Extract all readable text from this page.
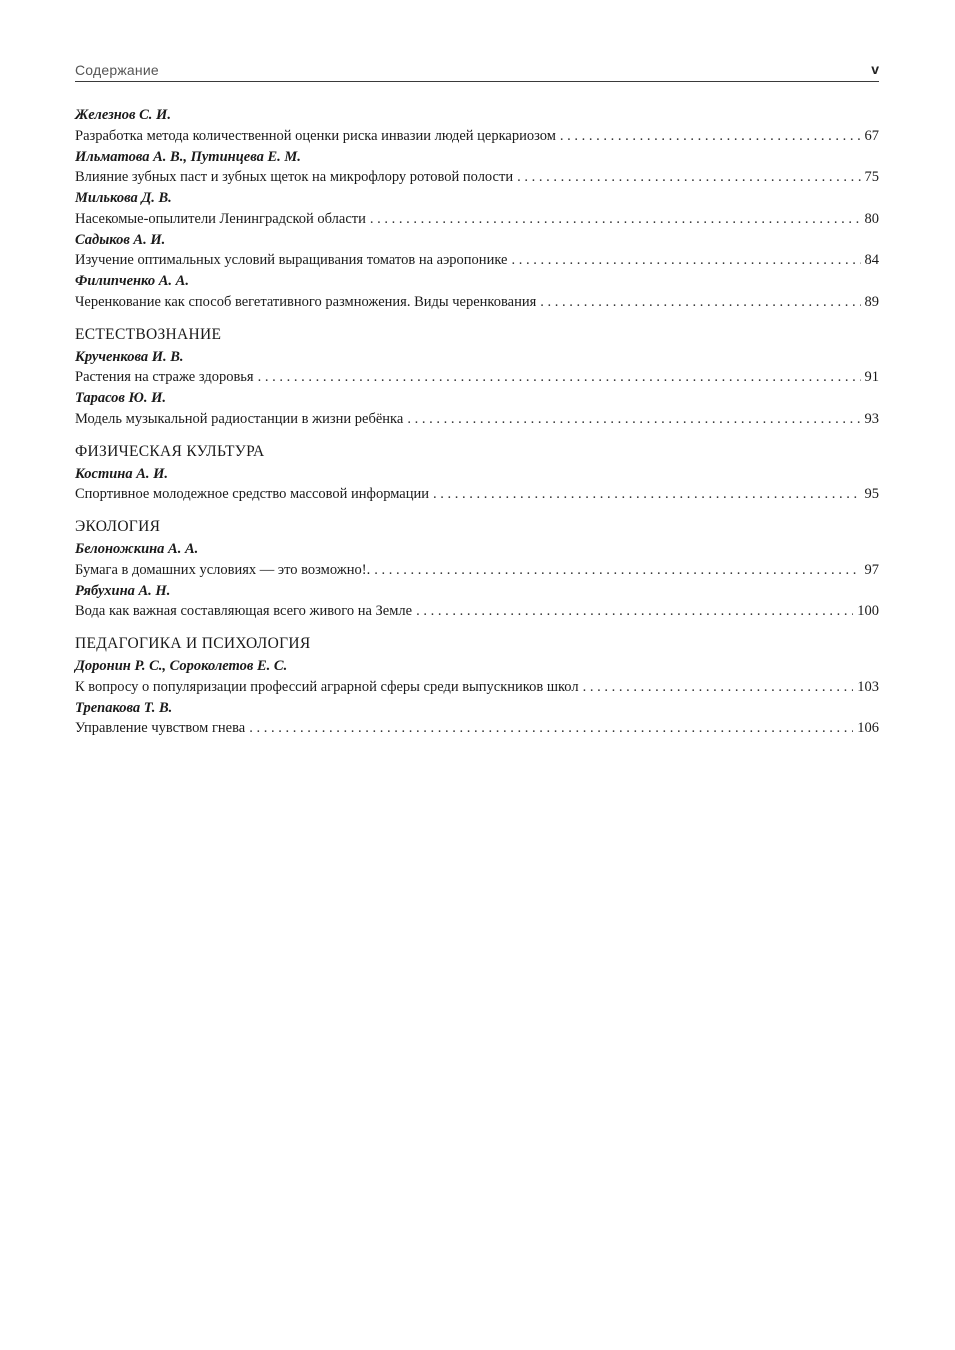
Содержание	v
Железнов С. И.
Разработка метода количественной оценки риска инвазии людей церкариозом . . .	67
Ильматова А. В., Путинцева Е. М.
Влияние зубных паст и зубных щеток на микрофлору ротовой полости . . .	75
Милькова Д. В.
Насекомые-опылители Ленинградской области . . .	80
Садыков А. И.
Изучение оптимальных условий выращивания томатов на аэропонике . . .	84
Филипченко А. А.
Черенкование как способ вегетативного размножения. Виды черенкования . . .	89
ЕСТЕСТВОЗНАНИЕ
Крученкова И. В.
Растения на страже здоровья . . .	91
Тарасов Ю. И.
Модель музыкальной радиостанции в жизни ребёнка . . .	93
ФИЗИЧЕСКАЯ КУЛЬТУРА
Костина А. И.
Спортивное молодежное средство массовой информации . . .	95
ЭКОЛОГИЯ
Белоножкина А. А.
Бумага в домашних условиях — это возможно!. . . .	97
Рябухина А. Н.
Вода как важная составляющая всего живого на Земле . . .	100
ПЕДАГОГИКА И ПСИХОЛОГИЯ
Доронин Р. С., Сороколетов Е. С.
К вопросу о популяризации профессий аграрной сферы среди выпускников школ . . .	103
Трепакова Т. В.
Управление чувством гнева . . .	106
